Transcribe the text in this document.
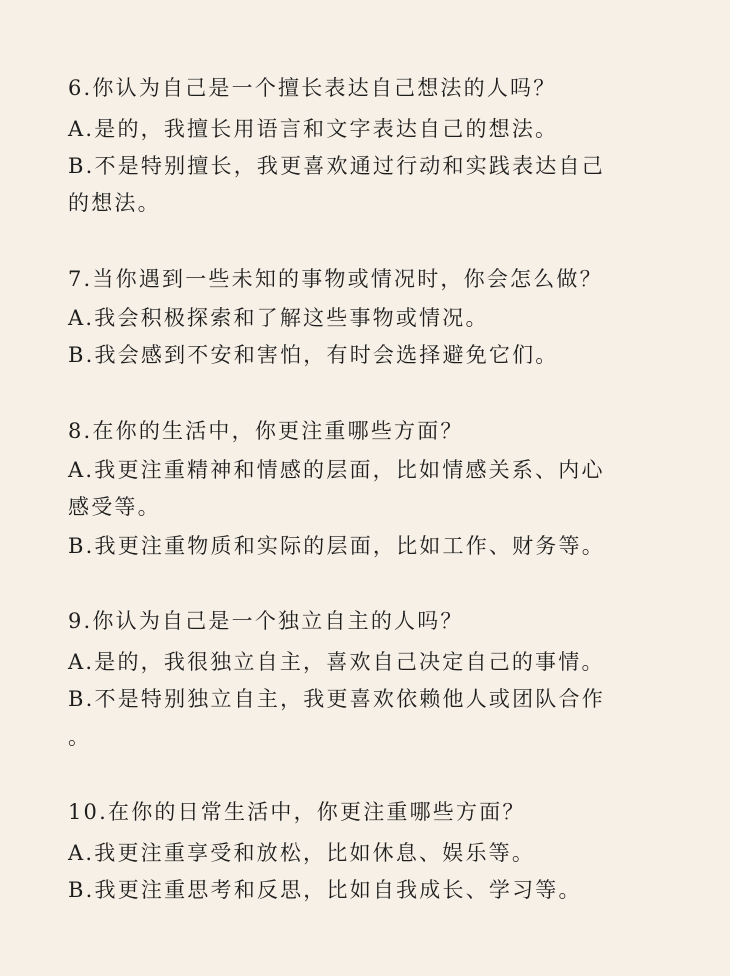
6.你认为自己是一个擅长表达自己想法的人吗？
A.是的，我擅长用语言和文字表达自己的想法。
B.不是特别擅长，我更喜欢通过行动和实践表达自己
的想法。
7.当你遇到一些未知的事物或情况时，你会怎么做？
A.我会积极探索和了解这些事物或情况。
B.我会感到不安和害怕，有时会选择避免它们。
8.在你的生活中，你更注重哪些方面？
A.我更注重精神和情感的层面，比如情感关系、内心
感受等。
B.我更注重物质和实际的层面，比如工作、财务等。
9.你认为自己是一个独立自主的人吗？
A.是的，我很独立自主，喜欢自己决定自己的事情。
B.不是特别独立自主，我更喜欢依赖他人或团队合作
。
10.在你的日常生活中，你更注重哪些方面？
A.我更注重享受和放松，比如休息、娱乐等。
B.我更注重思考和反思，比如自我成长、学习等。
